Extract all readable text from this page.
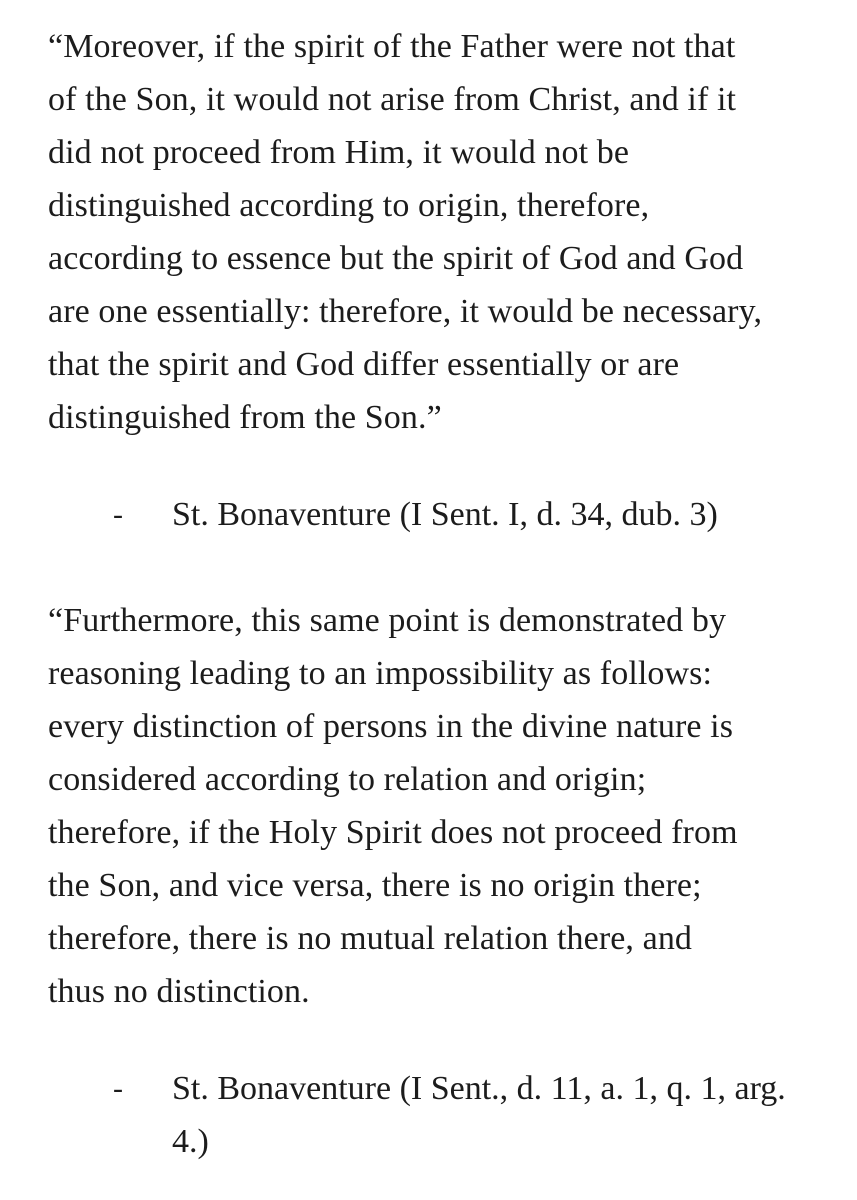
“Moreover, if the spirit of the Father were not that
of the Son, it would not arise from Christ, and if it
did not proceed from Him, it would not be
distinguished according to origin, therefore,
according to essence but the spirit of God and God
are one essentially: therefore, it would be necessary,
that the spirit and God differ essentially or are
distinguished from the Son.”
- St. Bonaventure (I Sent. I, d. 34, dub. 3)
“Furthermore, this same point is demonstrated by
reasoning leading to an impossibility as follows:
every distinction of persons in the divine nature is
considered according to relation and origin;
therefore, if the Holy Spirit does not proceed from
the Son, and vice versa, there is no origin there;
therefore, there is no mutual relation there, and
thus no distinction.
- St. Bonaventure (I Sent., d. 11, a. 1, q. 1, arg.
4.)
